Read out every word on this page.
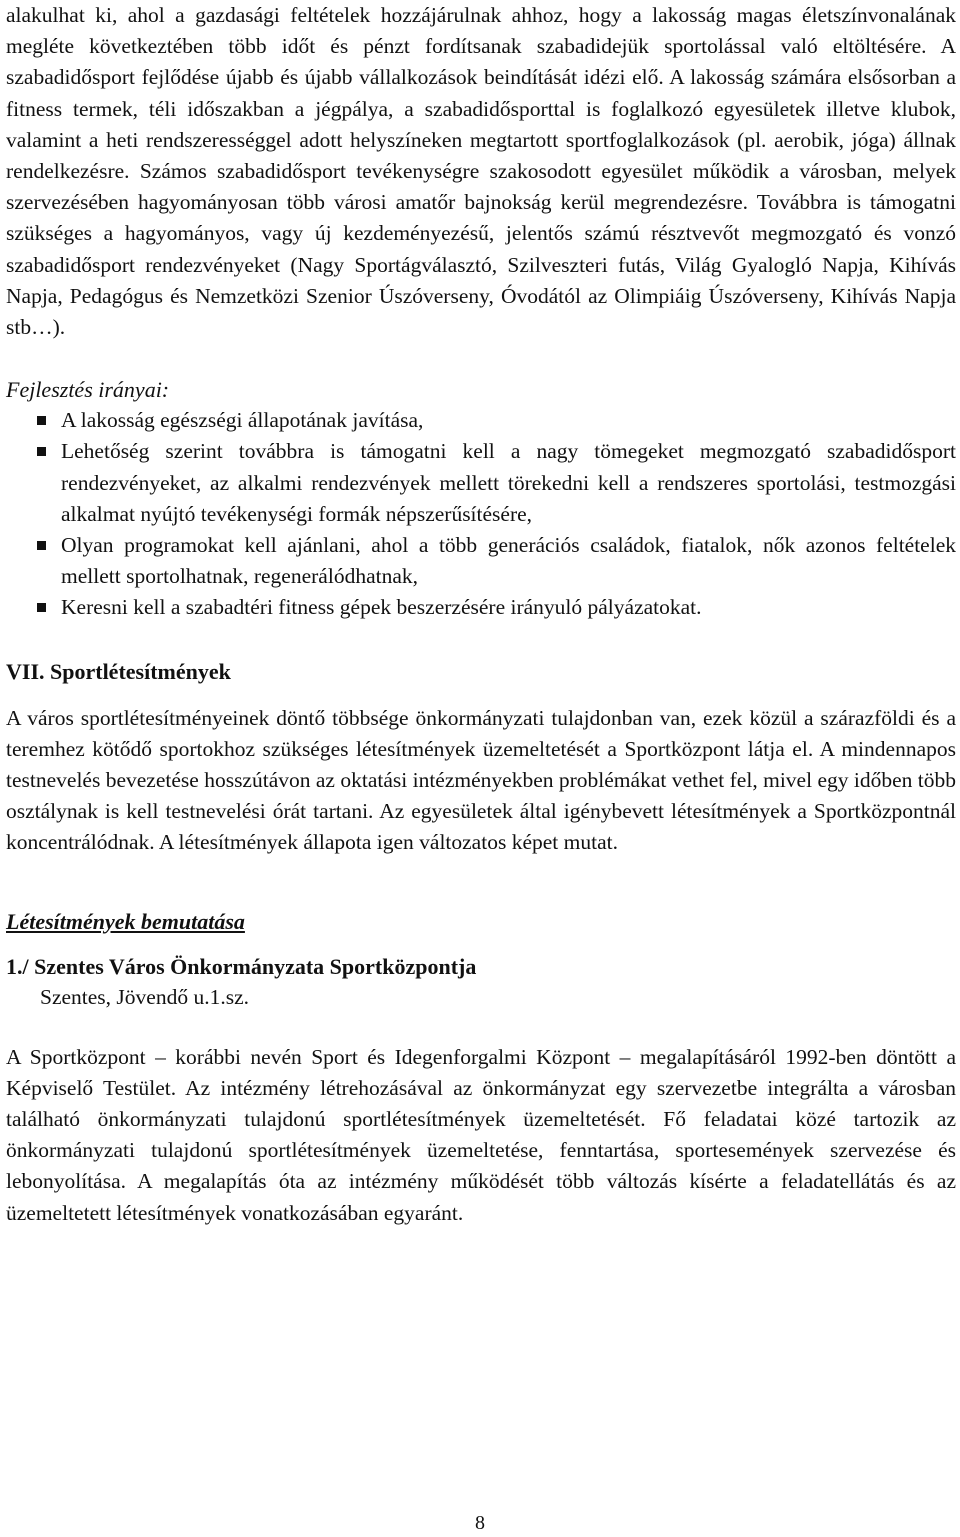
alakulhat ki, ahol a gazdasági feltételek hozzájárulnak ahhoz, hogy a lakosság magas életszínvonalának megléte következtében több időt és pénzt fordítsanak szabadidejük sportolással való eltöltésére. A szabadidősport fejlődése újabb és újabb vállalkozások beindítását idézi elő. A lakosság számára elsősorban a fitness termek, téli időszakban a jégpálya, a szabadidősporttal is foglalkozó egyesületek illetve klubok, valamint a heti rendszerességgel adott helyszíneken megtartott sportfoglalkozások (pl. aerobik, jóga) állnak rendelkezésre. Számos szabadidősport tevékenységre szakosodott egyesület működik a városban, melyek szervezésében hagyományosan több városi amatőr bajnokság kerül megrendezésre. Továbbra is támogatni szükséges a hagyományos, vagy új kezdeményezésű, jelentős számú résztvevőt megmozgató és vonzó szabadidősport rendezvényeket (Nagy Sportágválasztó, Szilveszteri futás, Világ Gyalogló Napja, Kihívás Napja, Pedagógus és Nemzetközi Szenior Úszóverseny, Óvodától az Olimpiáig Úszóverseny, Kihívás Napja stb…).

Fejlesztés irányai:

A lakosság egészségi állapotának javítása,
Lehetőség szerint továbbra is támogatni kell a nagy tömegeket megmozgató szabadidősport rendezvényeket, az alkalmi rendezvények mellett törekedni kell a rendszeres sportolási, testmozgási alkalmat nyújtó tevékenységi formák népszerűsítésére,
Olyan programokat kell ajánlani, ahol a több generációs családok, fiatalok, nők azonos feltételek mellett sportolhatnak, regenerálódhatnak,
Keresni kell a szabadtéri fitness gépek beszerzésére irányuló pályázatokat.

VII. Sportlétesítmények

A város sportlétesítményeinek döntő többsége önkormányzati tulajdonban van, ezek közül a szárazföldi és a teremhez kötődő sportokhoz szükséges létesítmények üzemeltetését a Sportközpont látja el. A mindennapos testnevelés bevezetése hosszútávon az oktatási intézményekben problémákat vethet fel, mivel egy időben több osztálynak is kell testnevelési órát tartani. Az egyesületek által igénybevett létesítmények a Sportközpontnál koncentrálódnak. A létesítmények állapota igen változatos képet mutat.

Létesítmények bemutatása

1./ Szentes Város Önkormányzata Sportközpontja

Szentes, Jövendő u.1.sz.

A Sportközpont – korábbi nevén Sport és Idegenforgalmi Központ – megalapításáról 1992-ben döntött a Képviselő Testület. Az intézmény létrehozásával az önkormányzat egy szervezetbe integrálta a városban található önkormányzati tulajdonú sportlétesítmények üzemeltetését. Fő feladatai közé tartozik az önkormányzati tulajdonú sportlétesítmények üzemeltetése, fenntartása, sportesemények szervezése és lebonyolítása. A megalapítás óta az intézmény működését több változás kísérte a feladatellátás és az üzemeltetett létesítmények vonatkozásában egyaránt.

8
